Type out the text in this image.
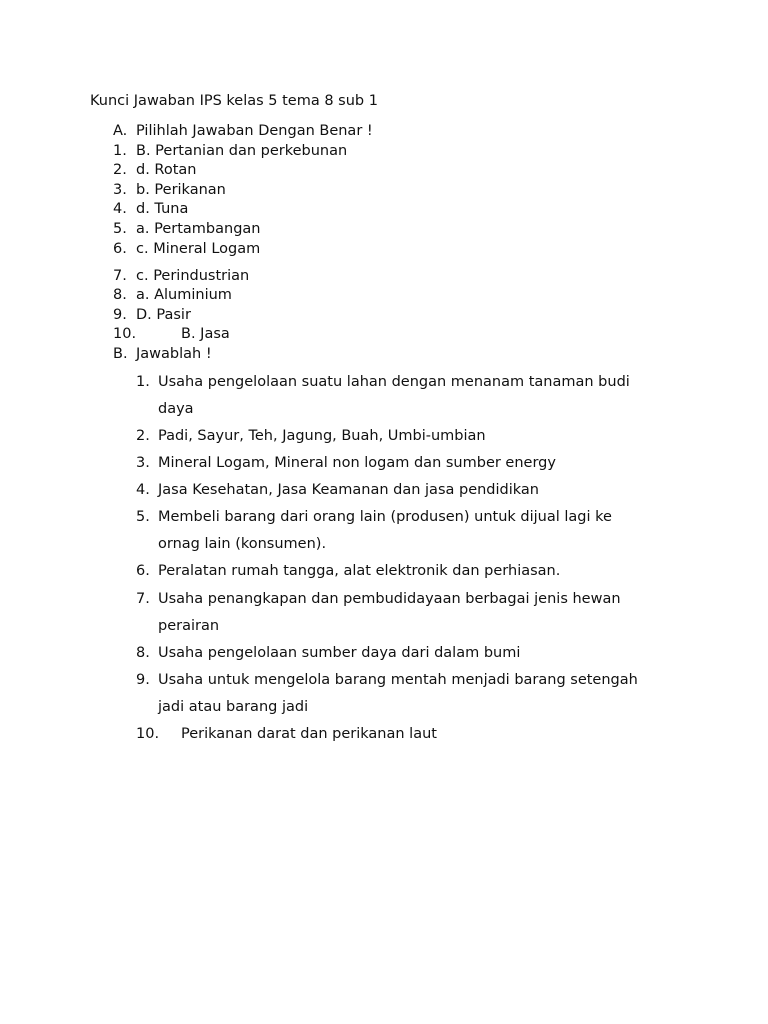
Kunci Jawaban IPS kelas 5 tema 8 sub 1
A. Pilihlah Jawaban Dengan Benar !
1. B. Pertanian dan perkebunan
2. d. Rotan
3. b. Perikanan
4. d. Tuna
5. a. Pertambangan
6. c. Mineral Logam
7. c. Perindustrian
8. a. Aluminium
9. D. Pasir
10.	B. Jasa
B. Jawablah !
1. Usaha pengelolaan suatu lahan dengan menanam tanaman budi
daya
2. Padi, Sayur, Teh, Jagung, Buah, Umbi-umbian
3. Mineral Logam, Mineral non logam dan sumber energy
4. Jasa Kesehatan, Jasa Keamanan dan jasa pendidikan
5. Membeli barang dari orang lain (produsen) untuk dijual lagi ke
ornag lain (konsumen).
6. Peralatan rumah tangga, alat elektronik dan perhiasan.
7. Usaha penangkapan dan pembudidayaan berbagai jenis hewan
perairan
8. Usaha pengelolaan sumber daya dari dalam bumi
9. Usaha untuk mengelola barang mentah menjadi barang setengah
jadi atau barang jadi
10. Perikanan darat dan perikanan laut
